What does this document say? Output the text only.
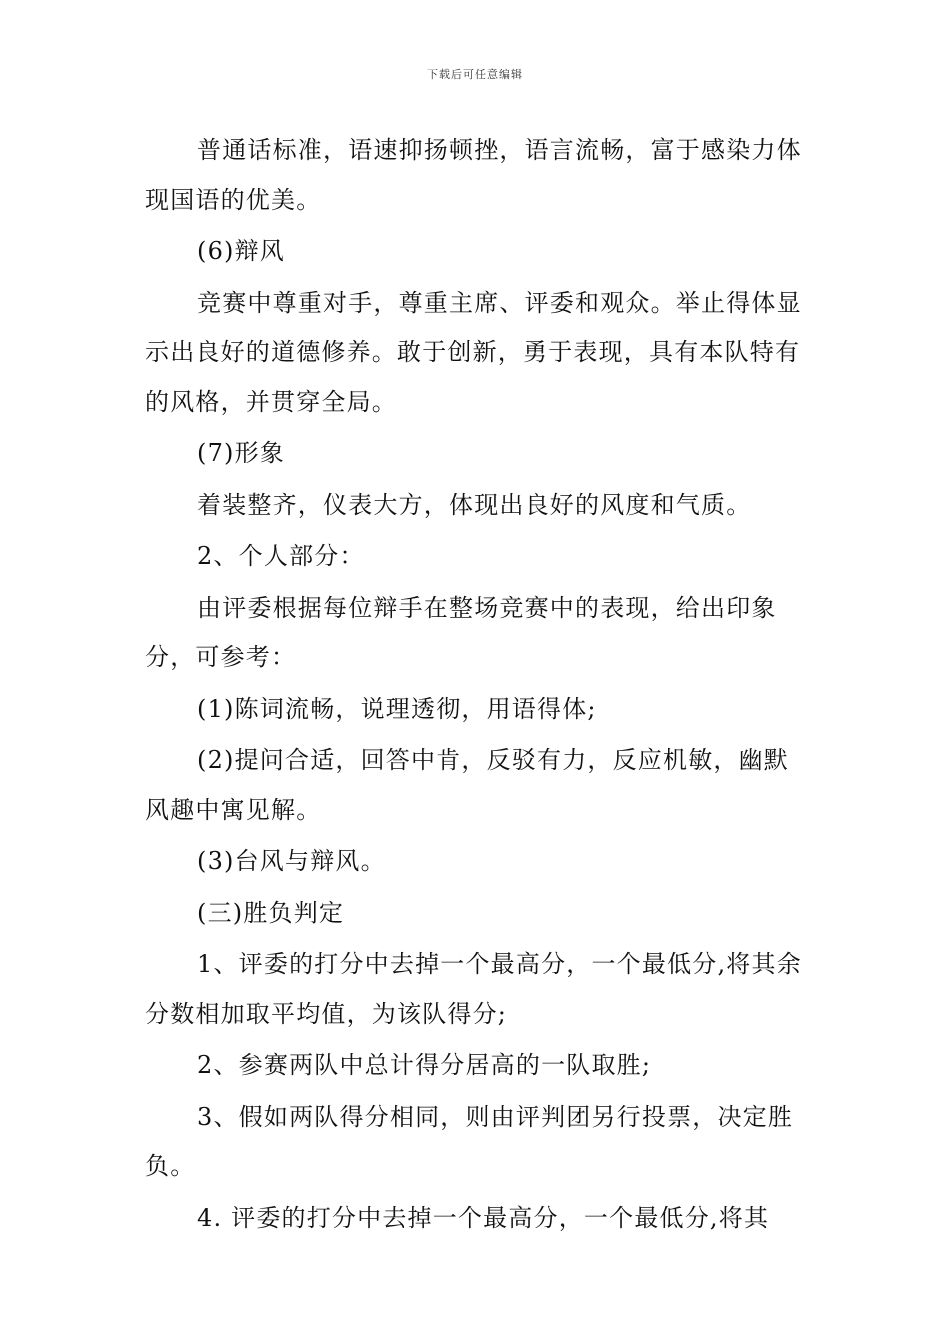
下载后可任意编辑

普通话标准，语速抑扬顿挫，语言流畅，富于感染力体现国语的优美。

(6)辩风

竞赛中尊重对手，尊重主席、评委和观众。举止得体显示出良好的道德修养。敢于创新，勇于表现，具有本队特有的风格，并贯穿全局。

(7)形象

着装整齐，仪表大方，体现出良好的风度和气质。

2、个人部分：

由评委根据每位辩手在整场竞赛中的表现，给出印象分，可参考：

(1)陈词流畅，说理透彻，用语得体;

(2)提问合适，回答中肯，反驳有力，反应机敏，幽默风趣中寓见解。

(3)台风与辩风。

(三)胜负判定

1、评委的打分中去掉一个最高分，一个最低分,将其余分数相加取平均值，为该队得分;

2、参赛两队中总计得分居高的一队取胜;

3、假如两队得分相同，则由评判团另行投票，决定胜负。

4. 评委的打分中去掉一个最高分，一个最低分,将其
